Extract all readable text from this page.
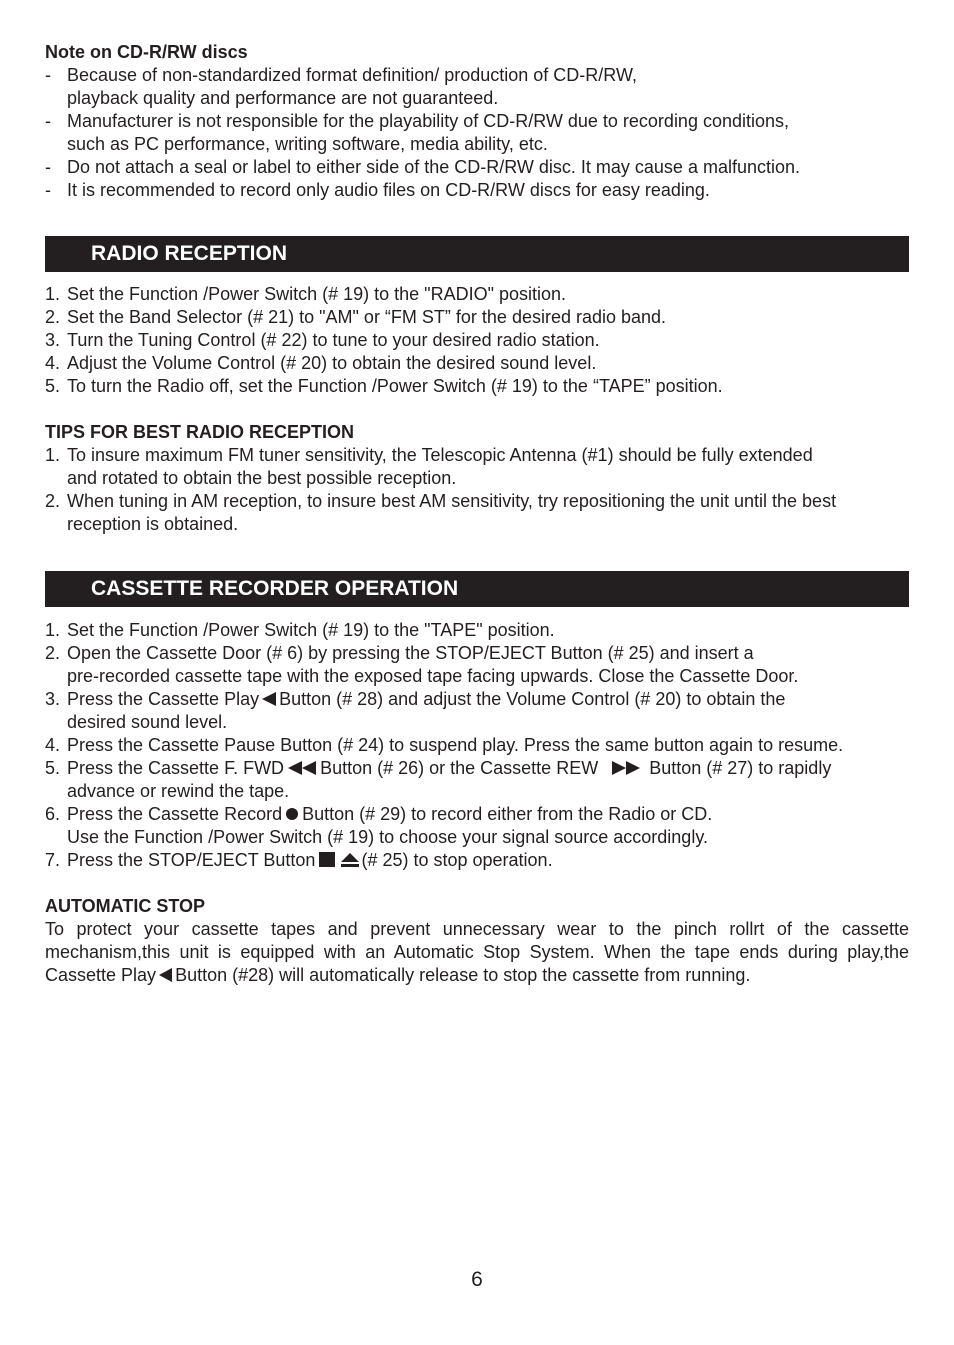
Note on CD-R/RW discs
- Because of non-standardized format definition/ production of CD-R/RW,
playback quality and performance are not guaranteed.
- Manufacturer is not responsible for the playability of CD-R/RW due to recording conditions,
such as PC performance, writing software, media ability, etc.
- Do not attach a seal or label to either side of the CD-R/RW disc. It may cause a malfunction.
- It is recommended to record only audio files on CD-R/RW discs for easy reading.
RADIO RECEPTION
1. Set the Function /Power Switch (# 19) to the "RADIO" position.
2. Set the Band Selector (# 21) to "AM" or “FM ST” for the desired radio band.
3. Turn the Tuning Control (# 22) to tune to your desired radio station.
4. Adjust the Volume Control (# 20) to obtain the desired sound level.
5. To turn the Radio off, set the Function /Power Switch (# 19) to the “TAPE” position.
TIPS FOR BEST RADIO RECEPTION
1. To insure maximum FM tuner sensitivity, the Telescopic Antenna (#1) should be fully extended
and rotated to obtain the best possible reception.
2. When tuning in AM reception, to insure best AM sensitivity, try repositioning the unit until the best
reception is obtained.
CASSETTE RECORDER OPERATION
1. Set the Function /Power Switch (# 19) to the "TAPE" position.
2. Open the Cassette Door (# 6) by pressing the STOP/EJECT Button (# 25) and insert a
pre-recorded cassette tape with the exposed tape facing upwards. Close the Cassette Door.
3. Press the Cassette Play Button (# 28) and adjust the Volume Control (# 20) to obtain the
desired sound level.
4. Press the Cassette Pause Button (# 24) to suspend play. Press the same button again to resume.
5. Press the Cassette F. FWD Button (# 26) or the Cassette REW	Button (# 27) to rapidly
advance or rewind the tape.
6. Press the Cassette Record Button (# 29) to record either from the Radio or CD.
Use the Function /Power Switch (# 19) to choose your signal source accordingly.
7. Press the STOP/EJECT Button	(# 25) to stop operation.
AUTOMATIC STOP

To protect your cassette tapes and prevent unnecessary wear to the pinch rollrt of the cassette mechanism,this unit is equipped with an Automatic Stop System. When the tape ends during play,the Cassette Play Button (#28) will automatically release to stop the cassette from running.

6
